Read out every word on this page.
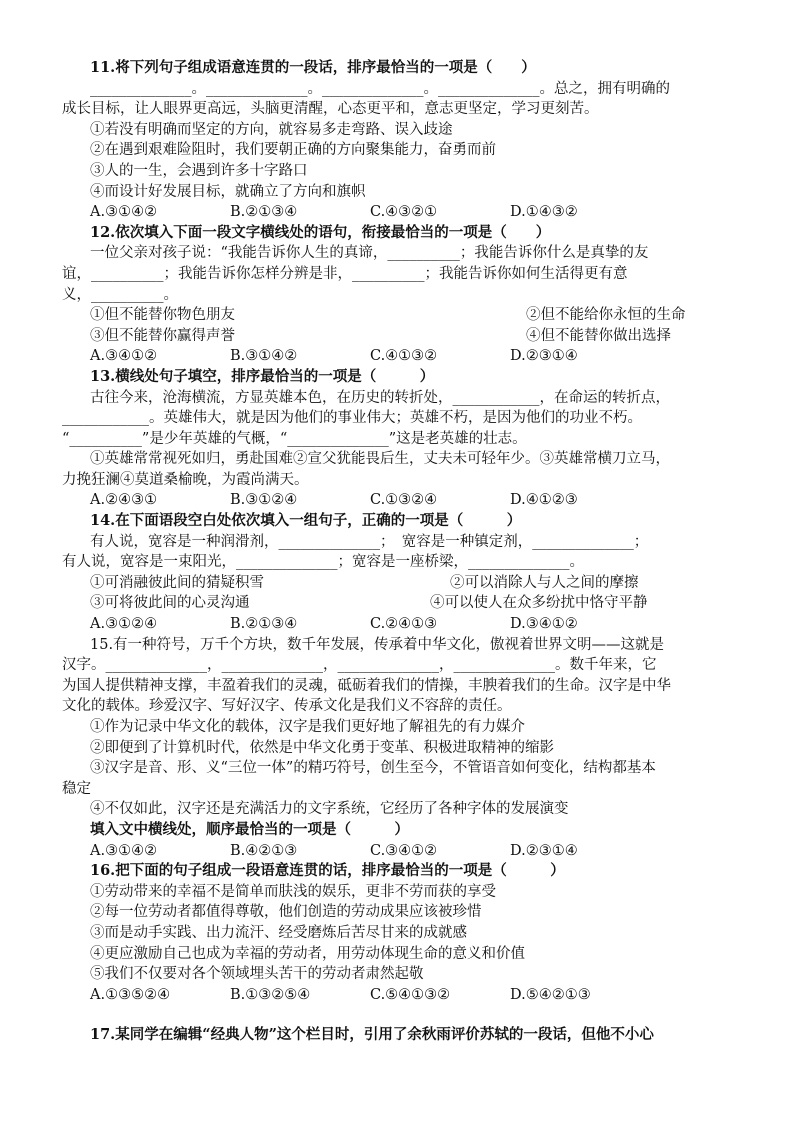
11.将下列句子组成语意连贯的一段话，排序最恰当的一项是（　　）
______________。______________。______________。______________。总之，拥有明确的
成长目标，让人眼界更高远，头脑更清醒，心态更平和，意志更坚定，学习更刻苦。
①若没有明确而坚定的方向，就容易多走弯路、误入歧途
②在遇到艰难险阻时，我们要朝正确的方向聚集能力，奋勇而前
③人的一生，会遇到许多十字路口
④而设计好发展目标，就确立了方向和旗帜
A.③①④②	B.②①③④	C.④③②①	D.①④③②
12.依次填入下面一段文字横线处的语句，衔接最恰当的一项是（　　）
一位父亲对孩子说：“我能告诉你人生的真谛，__________；我能告诉你什么是真挚的友
谊，__________；我能告诉你怎样分辨是非，__________；我能告诉你如何生活得更有意
义，__________。
①但不能替你物色朋友	②但不能给你永恒的生命
③但不能替你赢得声誉	④但不能替你做出选择
A.③④①②	B.③①④②	C.④①③②	D.②③①④
13.横线处句子填空，排序最恰当的一项是（　　　）
古往今来，沧海横流，方显英雄本色，在历史的转折处，____________，在命运的转折点，
____________。英雄伟大，就是因为他们的事业伟大；英雄不朽，是因为他们的功业不朽。
“__________”是少年英雄的气概，“______________”这是老英雄的壮志。
①英雄常常视死如归，勇赴国难②宣父犹能畏后生，丈夫未可轻年少。③英雄常横刀立马，
力挽狂澜④莫道桑榆晚，为霞尚满天。
A.②④③①	B.③①②④	C.①③②④	D.④①②③
14.在下面语段空白处依次填入一组句子，正确的一项是（　　　）
有人说，宽容是一种润滑剂，______________；　宽容是一种镇定剂，______________；
有人说，宽容是一束阳光，______________；宽容是一座桥梁，______________。
①可消融彼此间的猜疑积雪	②可以消除人与人之间的摩擦
③可将彼此间的心灵沟通	④可以使人在众多纷扰中恪守平静
A.③①②④	B.②①③④	C.②④①③	D.③④①②
15.有一种符号，万千个方块，数千年发展，传承着中华文化，傲视着世界文明——这就是
汉字。______________，______________，______________，______________。数千年来，它
为国人提供精神支撑，丰盈着我们的灵魂，砥砺着我们的情操，丰腴着我们的生命。汉字是中华
文化的载体。珍爱汉字、写好汉字、传承文化是我们义不容辞的责任。
①作为记录中华文化的载体，汉字是我们更好地了解祖先的有力媒介
②即便到了计算机时代，依然是中华文化勇于变革、积极进取精神的缩影
③汉字是音、形、义“三位一体”的精巧符号，创生至今，不管语音如何变化，结构都基本
稳定
④不仅如此，汉字还是充满活力的文字系统，它经历了各种字体的发展演变
填入文中横线处，顺序最恰当的一项是（　　　）
A.③①④②	B.④②①③	C.③④①②	D.②③①④
16.把下面的句子组成一段语意连贯的话，排序最恰当的一项是（　　　）
①劳动带来的幸福不是简单而肤浅的娱乐，更非不劳而获的享受
②每一位劳动者都值得尊敬，他们创造的劳动成果应该被珍惜
③而是动手实践、出力流汗、经受磨炼后苦尽甘来的成就感
④更应激励自己也成为幸福的劳动者，用劳动体现生命的意义和价值
⑤我们不仅要对各个领域埋头苦干的劳动者肃然起敬
A.①③⑤②④	B.①③②⑤④	C.⑤④①③②	D.⑤④②①③
17.某同学在编辑“经典人物”这个栏目时，引用了余秋雨评价苏轼的一段话，但他不小心
